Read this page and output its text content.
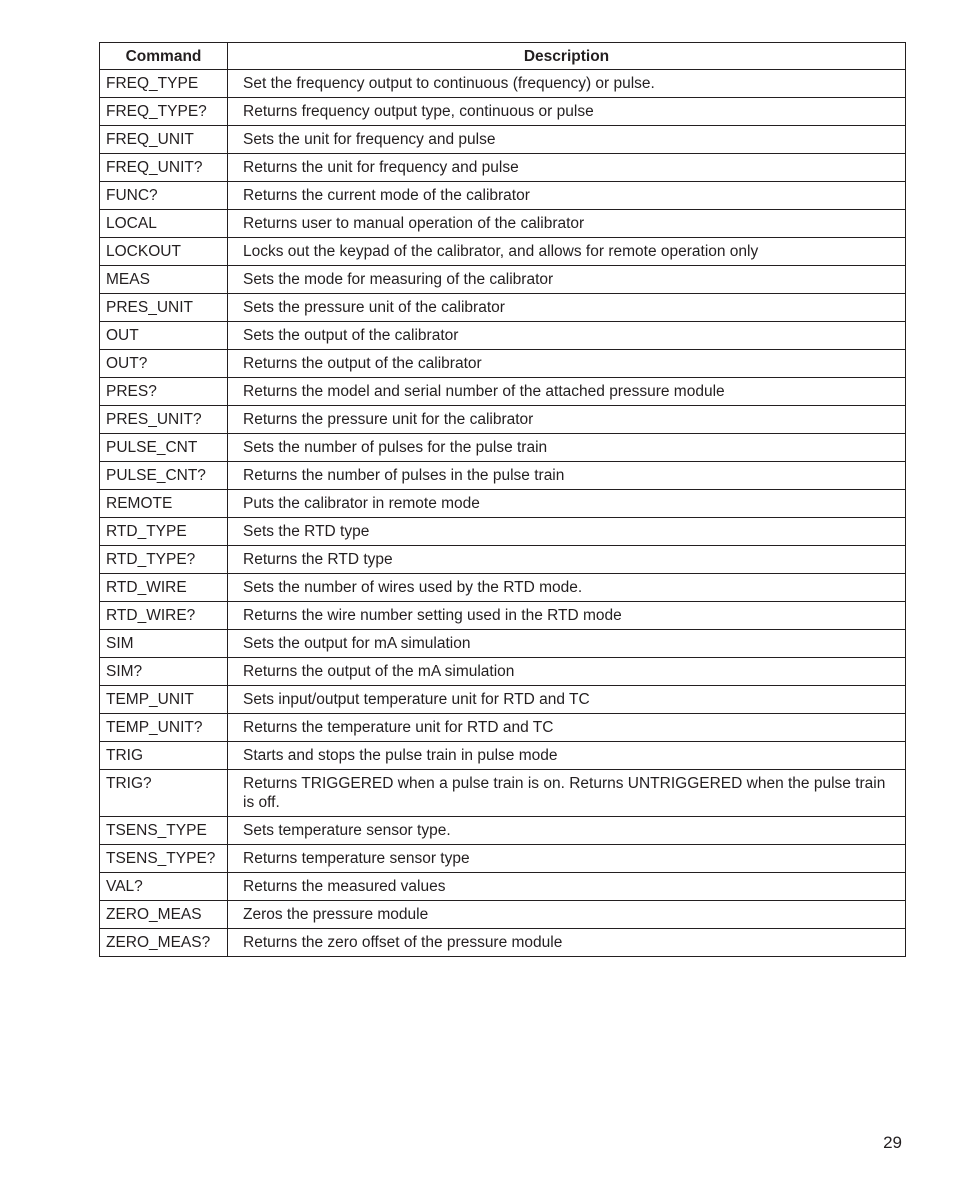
Command	Description
FREQ_TYPE	Set the frequency output to continuous (frequency) or pulse.
FREQ_TYPE?	Returns frequency output type, continuous or pulse
FREQ_UNIT	Sets the unit for frequency and pulse
FREQ_UNIT?	Returns the unit for frequency and pulse
FUNC?	Returns the current mode of the calibrator
LOCAL	Returns user to manual operation of the calibrator
LOCKOUT	Locks out the keypad of the calibrator, and allows for remote operation only
MEAS	Sets the mode for measuring of the calibrator
PRES_UNIT	Sets the pressure unit of the calibrator
OUT	Sets the output of the calibrator
OUT?	Returns the output of the calibrator
PRES?	Returns the model and serial number of the attached pressure module
PRES_UNIT?	Returns the pressure unit for the calibrator
PULSE_CNT	Sets the number of pulses for the pulse train
PULSE_CNT?	Returns the number of pulses in the pulse train
REMOTE	Puts the calibrator in remote mode
RTD_TYPE	Sets the RTD type
RTD_TYPE?	Returns the RTD type
RTD_WIRE	Sets the number of wires used by the RTD mode.
RTD_WIRE?	Returns the wire number setting used in the RTD mode
SIM	Sets the output for mA simulation
SIM?	Returns the output of the mA simulation
TEMP_UNIT	Sets input/output temperature unit for RTD and TC
TEMP_UNIT?	Returns the temperature unit for RTD and TC
TRIG	Starts and stops the pulse train in pulse mode
TRIG?	Returns TRIGGERED when a pulse train is on. Returns UNTRIGGERED when the pulse train is off.
TSENS_TYPE	Sets temperature sensor type.
TSENS_TYPE?	Returns temperature sensor type
VAL?	Returns the measured values
ZERO_MEAS	Zeros the pressure module
ZERO_MEAS?	Returns the zero offset of the pressure module
29
